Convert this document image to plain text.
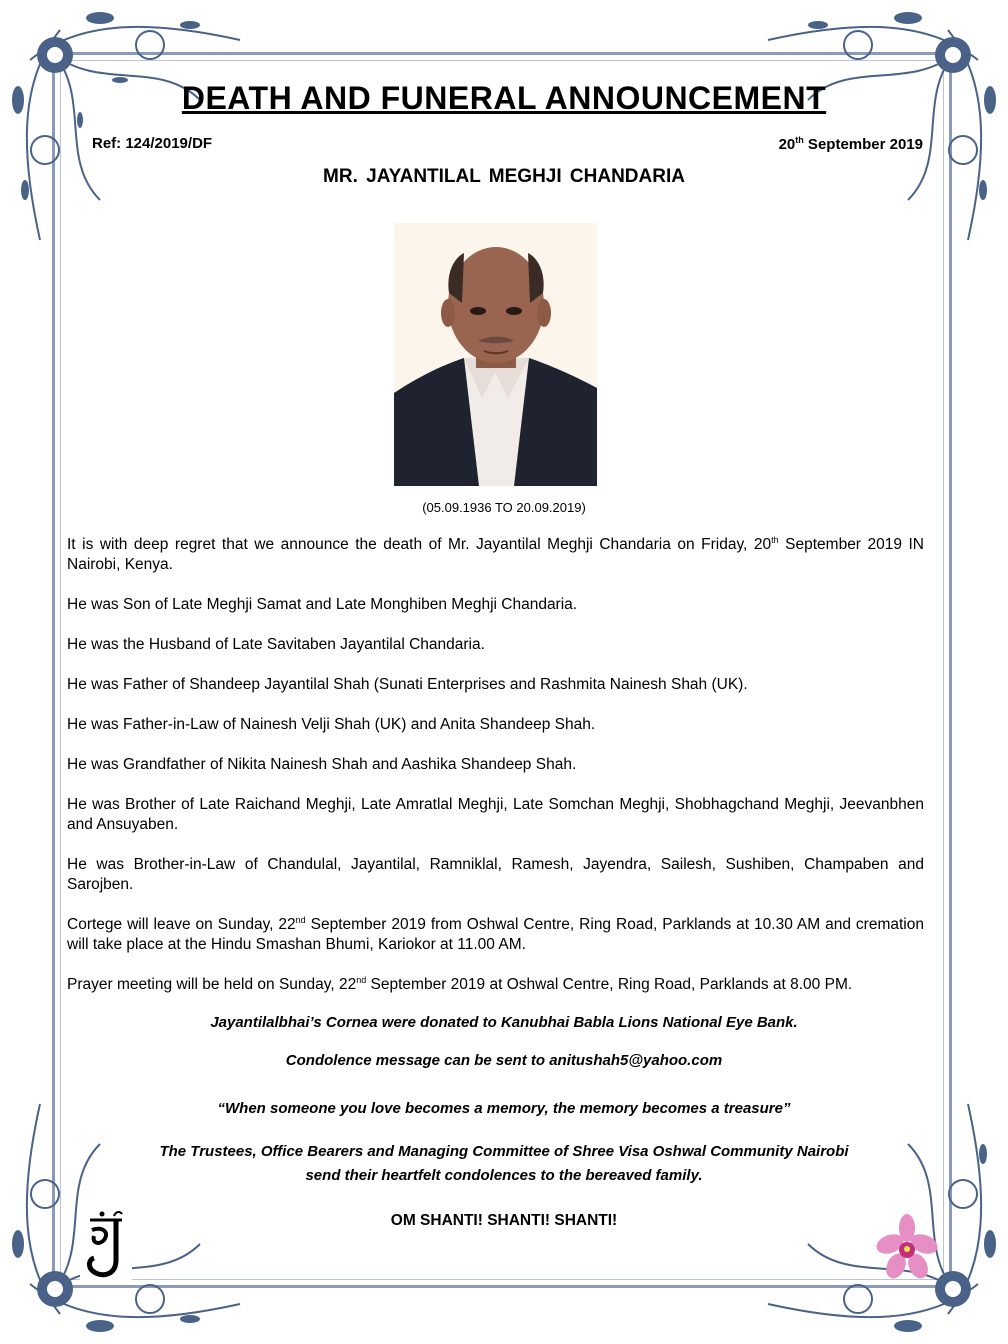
DEATH AND FUNERAL ANNOUNCEMENT
Ref: 124/2019/DF	20th September 2019
MR. JAYANTILAL MEGHJI CHANDARIA
(05.09.1936 TO 20.09.2019)

It is with deep regret that we announce the death of Mr. Jayantilal Meghji Chandaria on Friday, 20th September 2019 IN Nairobi, Kenya.

He was Son of Late Meghji Samat and Late Monghiben Meghji Chandaria.

He was the Husband of Late Savitaben Jayantilal Chandaria.

He was Father of Shandeep Jayantilal Shah (Sunati Enterprises and Rashmita Nainesh Shah (UK).

He was Father-in-Law of Nainesh Velji Shah (UK) and Anita Shandeep Shah.

He was Grandfather of Nikita Nainesh Shah and Aashika Shandeep Shah.

He was Brother of Late Raichand Meghji, Late Amratlal Meghji, Late Somchan Meghji, Shobhagchand Meghji, Jeevanbhen and Ansuyaben.

He was Brother-in-Law of Chandulal, Jayantilal, Ramniklal, Ramesh, Jayendra, Sailesh, Sushiben, Champaben and Sarojben.

Cortege will leave on Sunday, 22nd September 2019 from Oshwal Centre, Ring Road, Parklands at 10.30 AM and cremation will take place at the Hindu Smashan Bhumi, Kariokor at 11.00 AM.

Prayer meeting will be held on Sunday, 22nd September 2019 at Oshwal Centre, Ring Road, Parklands at 8.00 PM.

Jayantilalbhai’s Cornea were donated to Kanubhai Babla Lions National Eye Bank.
Condolence message can be sent to anitushah5@yahoo.com
“When someone you love becomes a memory, the memory becomes a treasure”
The Trustees, Office Bearers and Managing Committee of Shree Visa Oshwal Community Nairobi
send their heartfelt condolences to the bereaved family.
OM SHANTI! SHANTI! SHANTI!
